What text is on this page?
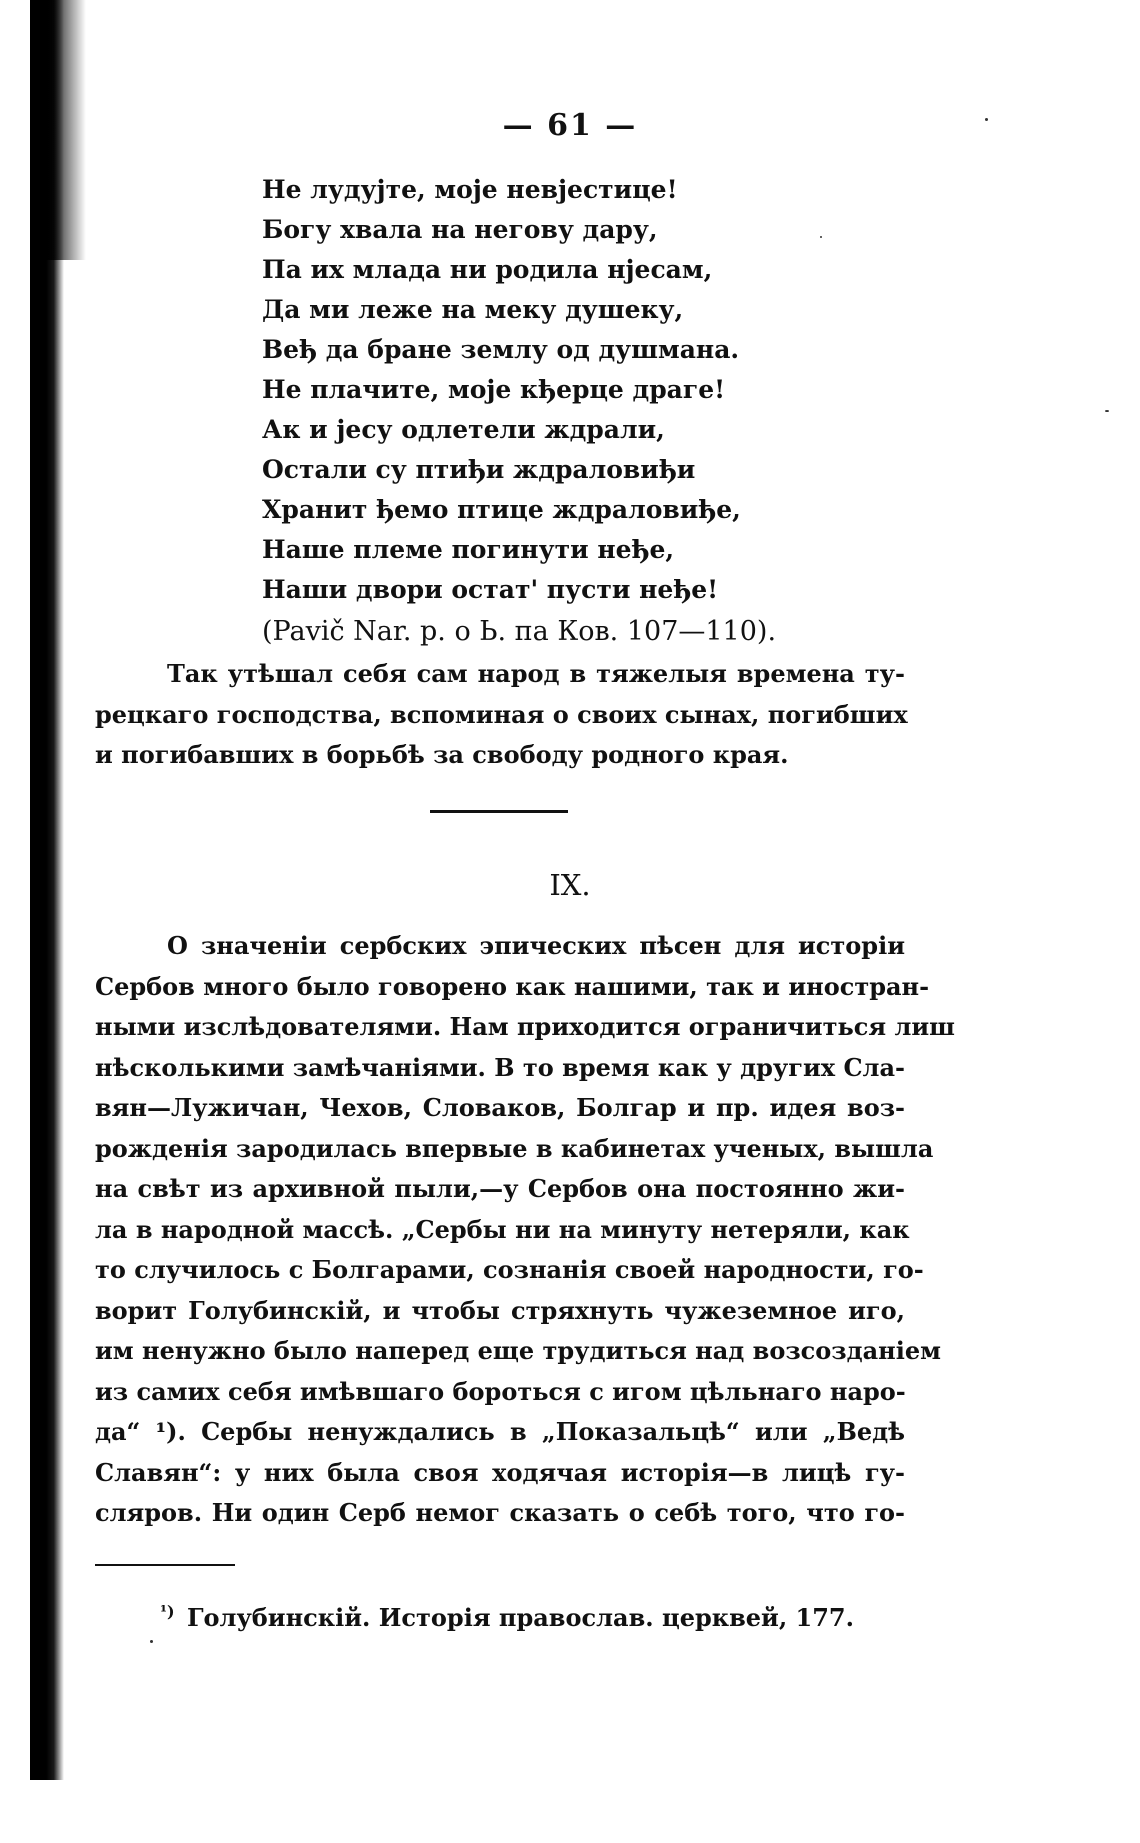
— 61 —
Не лудујте, моје невјестице!
Богу хвала на негову дару,
Па их млада ни родила нјесам,
Да ми леже на меку душеку,
Веђ да бране землу од душмана.
Не плачите, моје кђерце драге!
Ак и јесу одлетели ждрали,
Остали су птиђи ждраловиђи
Хранит ђемо птице ждраловиђе,
Наше племе погинути неђе,
Наши двори остат' пусти неђе!
(Pavič Nar. p. o Ь. па Ков. 107—110).
Так утѣшал себя сам народ в тяжелыя времена ту-
рецкаго господства, вспоминая о своих сынах, погибших
и погибавших в борьбѣ за свободу родного края.
IX.
О значеніи сербских эпических пѣсен для исторіи
Сербов много было говорено как нашими, так и иностран-
ными изслѣдователями. Нам приходится ограничиться лиш
нѣсколькими замѣчаніями. В то время как у других Сла-
вян—Лужичан, Чехов, Словаков, Болгар и пр. идея воз-
рожденія зародилась впервые в кабинетах ученых, вышла
на свѣт из архивной пыли,—у Сербов она постоянно жи-
ла в народной массѣ. „Сербы ни на минуту нетеряли, как
то случилось с Болгарами, сознанія своей народности, го-
ворит Голубинскій, и чтобы стряхнуть чужеземное иго,
им ненужно было наперед еще трудиться над возсозданіем
из самих себя имѣвшаго бороться с игом цѣльнаго наро-
да“ ¹). Сербы ненуждались в „Показальцѣ“ или „Ведѣ
Славян“: у них была своя ходячая исторія—в лицѣ гу-
сляров. Ни один Серб немог сказать о себѣ того, что го-
$^{^1)}$ Голубинскій. Исторія православ. церквей, 177.
